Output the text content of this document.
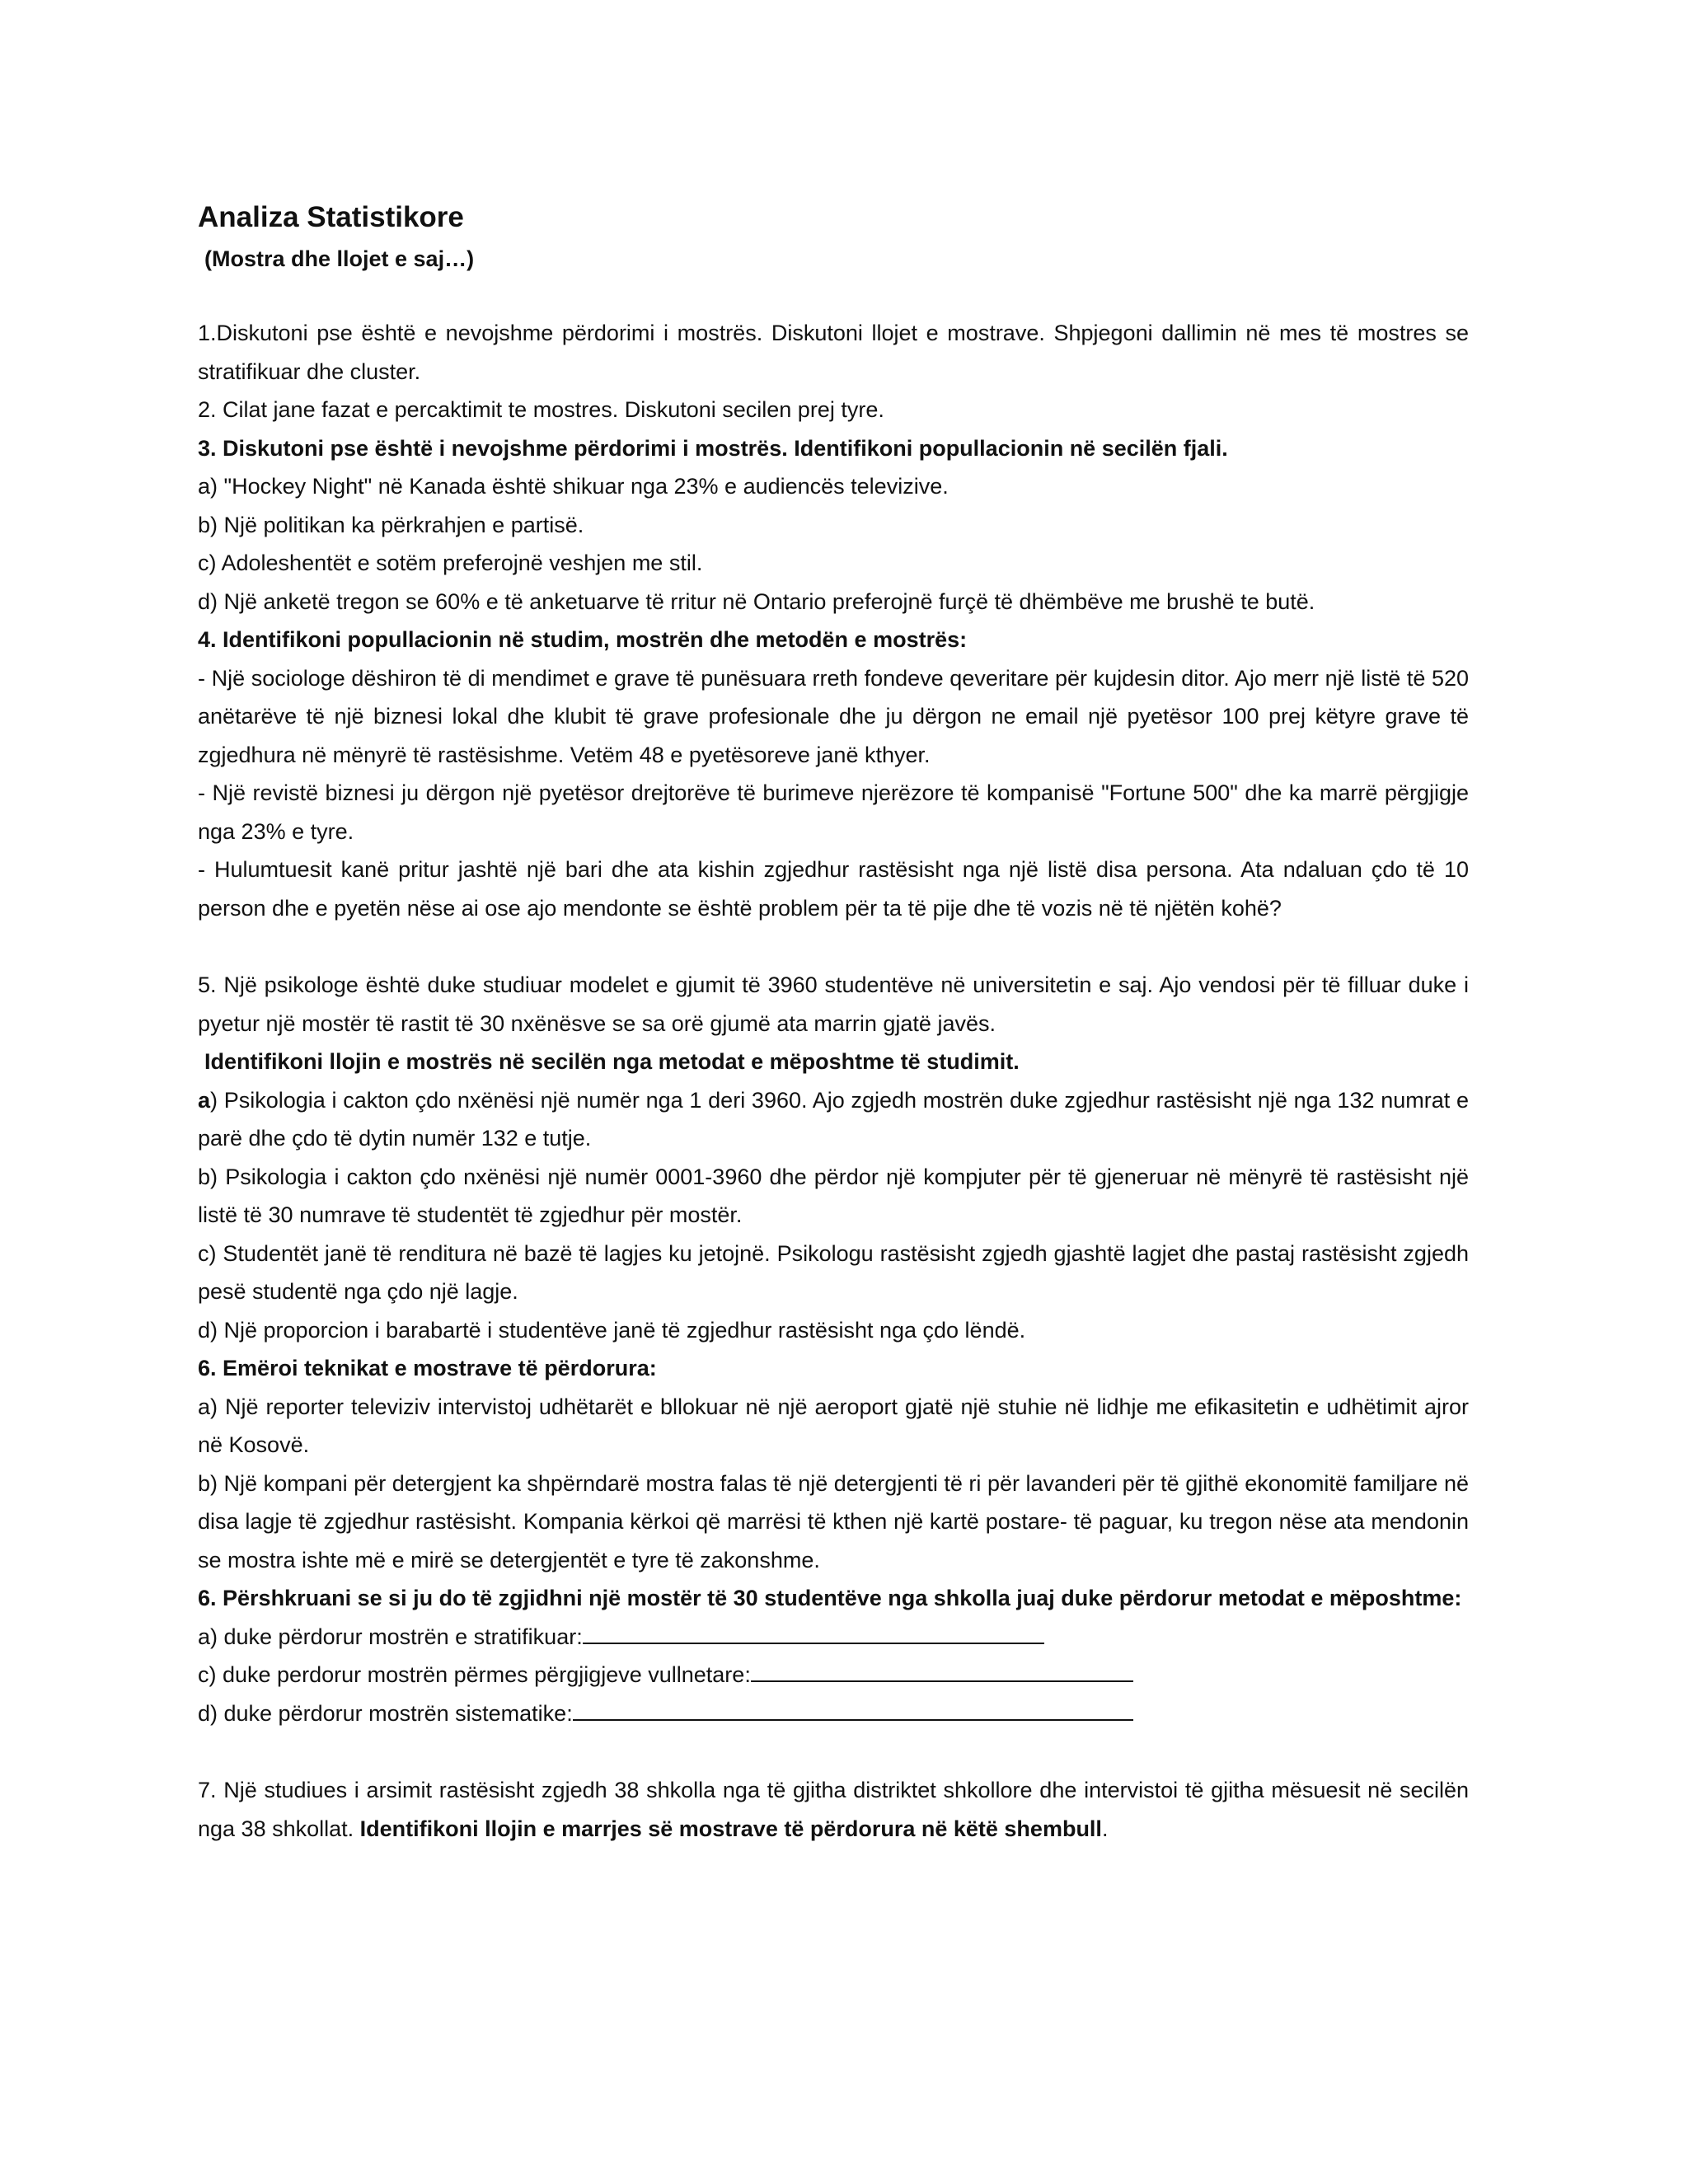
Analiza Statistikore

(Mostra dhe llojet e saj…)

1.Diskutoni pse është e nevojshme përdorimi i mostrës. Diskutoni llojet e mostrave. Shpjegoni dallimin në mes të mostres se stratifikuar dhe cluster.

2. Cilat jane fazat e percaktimit te mostres. Diskutoni secilen prej tyre.

3. Diskutoni pse është i nevojshme përdorimi i mostrës. Identifikoni popullacionin në secilën fjali.

a) "Hockey Night" në Kanada është shikuar nga 23% e audiencës televizive.

b) Një politikan ka përkrahjen e partisë.

c) Adoleshentët e sotëm preferojnë veshjen me stil.

d) Një anketë tregon se 60% e të anketuarve të rritur në Ontario preferojnë furçë të dhëmbëve me brushë te butë.

4. Identifikoni popullacionin në studim, mostrën dhe metodën e mostrës:

- Një sociologe dëshiron të di mendimet e grave të punësuara rreth fondeve qeveritare për kujdesin ditor. Ajo merr një listë të 520 anëtarëve të një biznesi lokal dhe klubit të grave profesionale dhe ju dërgon ne email një pyetësor 100 prej këtyre grave të zgjedhura në mënyrë të rastësishme. Vetëm 48 e pyetësoreve janë kthyer.

- Një revistë biznesi ju dërgon një pyetësor drejtorëve të burimeve njerëzore të kompanisë "Fortune 500" dhe ka marrë përgjigje nga 23% e tyre.

- Hulumtuesit kanë pritur jashtë një bari dhe ata kishin zgjedhur rastësisht nga një listë disa persona. Ata ndaluan çdo të 10 person dhe e pyetën nëse ai ose ajo mendonte se është problem për ta të pije dhe të vozis në të njëtën kohë?

5. Një psikologe është duke studiuar modelet e gjumit të 3960 studentëve në universitetin e saj. Ajo vendosi për të filluar duke i pyetur një mostër të rastit të 30 nxënësve se sa orë gjumë ata marrin gjatë javës.

Identifikoni llojin e mostrës në secilën nga metodat e mëposhtme të studimit.

a) Psikologia i cakton çdo nxënësi një numër nga 1 deri 3960. Ajo zgjedh mostrën duke zgjedhur rastësisht një nga 132 numrat e parë dhe çdo të dytin numër 132 e tutje.

b) Psikologia i cakton çdo nxënësi një numër 0001-3960 dhe përdor një kompjuter për të gjeneruar në mënyrë të rastësisht një listë të 30 numrave të studentët të zgjedhur për mostër.

c) Studentët janë të renditura në bazë të lagjes ku jetojnë. Psikologu rastësisht zgjedh gjashtë lagjet dhe pastaj rastësisht zgjedh pesë studentë nga çdo një lagje.

d) Një proporcion i barabartë i studentëve janë të zgjedhur rastësisht nga çdo lëndë.

6. Emëroi teknikat e mostrave të përdorura:

a) Një reporter televiziv intervistoj udhëtarët e bllokuar në një aeroport gjatë një stuhie në lidhje me efikasitetin e udhëtimit ajror në Kosovë.

b) Një kompani për detergjent ka shpërndarë mostra falas të një detergjenti të ri për lavanderi për të gjithë ekonomitë familjare në disa lagje të zgjedhur rastësisht. Kompania kërkoi që marrësi të kthen një kartë postare- të paguar, ku tregon nëse ata mendonin se mostra ishte më e mirë se detergjentët e tyre të zakonshme.

6. Përshkruani se si ju do të zgjidhni një mostër të 30 studentëve nga shkolla juaj duke përdorur metodat e mëposhtme:

a) duke përdorur mostrën e stratifikuar:

c) duke perdorur mostrën përmes përgjigjeve vullnetare:

d) duke përdorur mostrën sistematike:

7. Një studiues i arsimit rastësisht zgjedh 38 shkolla nga të gjitha distriktet shkollore dhe intervistoi të gjitha mësuesit në secilën nga 38 shkollat. Identifikoni llojin e marrjes së mostrave të përdorura në këtë shembull.
